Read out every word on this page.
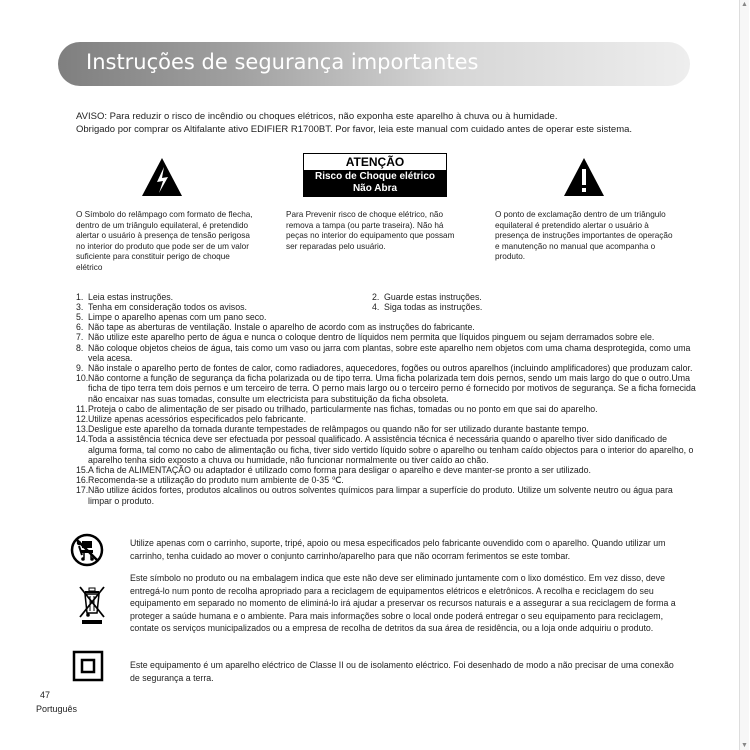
Instruções de segurança importantes
AVISO: Para reduzir o risco de incêndio ou choques elétricos, não exponha este aparelho à chuva ou à humidade.
Obrigado por comprar os Altifalante ativo EDIFIER R1700BT. Por favor, leia este manual com cuidado antes de operar este sistema.
O Símbolo do relâmpago com formato de flecha, dentro de um triângulo equilateral, é pretendido alertar o usuário à presença de tensão perigosa no interior do produto que pode ser de um valor suficiente para constituir perigo de choque elétrico
ATENÇÃO
Risco de Choque elétrico
Não Abra
Para Prevenir risco de choque elétrico, não remova a tampa (ou parte traseira). Não há peças no interior do equipamento que possam ser reparadas pelo usuário.
O ponto de exclamação dentro de um triângulo equilateral é pretendido alertar o usuário à presença de instruções importantes de operação e manutenção no manual que acompanha o produto.
1. Leia estas instruções.
3. Tenha em consideração todos os avisos.
2. Guarde estas instruções.
4. Siga todas as instruções.
5. Limpe o aparelho apenas com um pano seco.
6. Não tape as aberturas de ventilação. Instale o aparelho de acordo com as instruções do fabricante.
7. Não utilize este aparelho perto de água e nunca o coloque dentro de líquidos nem permita que líquidos pinguem ou sejam derramados sobre ele.
8. Não coloque objetos cheios de água, tais como um vaso ou jarra com plantas, sobre este aparelho nem objetos com uma chama desprotegida, como uma vela acesa.
9. Não instale o aparelho perto de fontes de calor, como radiadores, aquecedores, fogões ou outros aparelhos (incluindo amplificadores) que produzam calor.
10. Não contorne a função de segurança da ficha polarizada ou de tipo terra. Uma ficha polarizada tem dois pernos, sendo um mais largo do que o outro.Uma ficha de tipo terra tem dois pernos e um terceiro de terra. O perno mais largo ou o terceiro perno é fornecido por motivos de segurança. Se a ficha fornecida não encaixar nas suas tomadas, consulte um electricista para substituição da ficha obsoleta.
11. Proteja o cabo de alimentação de ser pisado ou trilhado, particularmente nas fichas, tomadas ou no ponto em que sai do aparelho.
12. Utilize apenas acessórios especificados pelo fabricante.
13. Desligue este aparelho da tomada durante tempestades de relâmpagos ou quando não for ser utilizado durante bastante tempo.
14. Toda a assistência técnica deve ser efectuada por pessoal qualificado. A assistência técnica é necessária quando o aparelho tiver sido danificado de alguma forma, tal como no cabo de alimentação ou ficha, tiver sido vertido líquido sobre o aparelho ou tenham caído objectos para o interior do aparelho, o aparelho tenha sido exposto a chuva ou humidade, não funcionar normalmente ou tiver caído ao chão.
15. A ficha de ALIMENTAÇÃO ou adaptador é utilizado como forma para desligar o aparelho e deve manter-se pronto a ser utilizado.
16. Recomenda-se a utilização do produto num ambiente de 0-35 ℃.
17. Não utilize ácidos fortes, produtos alcalinos ou outros solventes químicos para limpar a superfície do produto. Utilize um solvente neutro ou água para limpar o produto.
Utilize apenas com o carrinho, suporte, tripé, apoio ou mesa especificados pelo fabricante ouvendido com o aparelho. Quando utilizar um carrinho, tenha cuidado ao mover o conjunto carrinho/aparelho para que não ocorram ferimentos se este tombar.
Este símbolo no produto ou na embalagem indica que este não deve ser eliminado juntamente com o lixo doméstico. Em vez disso, deve entregá-lo num ponto de recolha apropriado para a reciclagem de equipamentos elétricos e eletrônicos. A recolha e reciclagem do seu equipamento em separado no momento de eliminá-lo irá ajudar a preservar os recursos naturais e a assegurar a sua reciclagem de forma a proteger a saúde humana e o ambiente. Para mais informações sobre o local onde poderá entregar o seu equipamento para reciclagem, contate os serviços municipalizados ou a empresa de recolha de detritos da sua área de residência, ou a loja onde adquiriu o produto.
Este equipamento é um aparelho eléctrico de Classe II ou de isolamento eléctrico. Foi desenhado de modo a não precisar de uma conexão de segurança a terra.
47
Português
▲
▼
